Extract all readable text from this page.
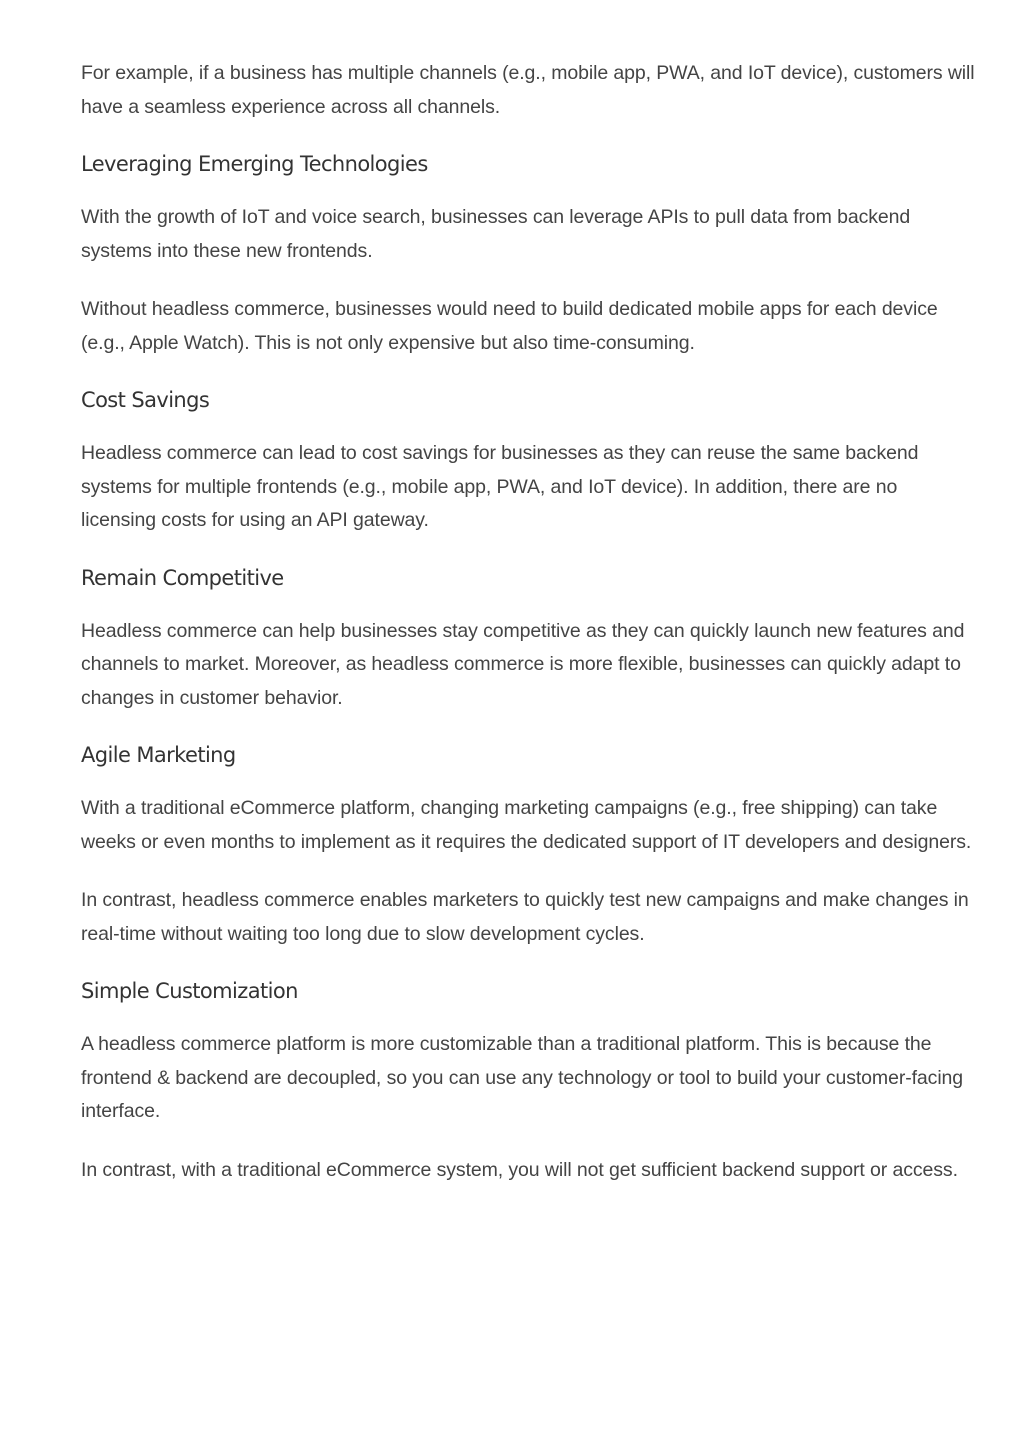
For example, if a business has multiple channels (e.g., mobile app, PWA, and IoT device), customers will have a seamless experience across all channels.

Leveraging Emerging Technologies

With the growth of IoT and voice search, businesses can leverage APIs to pull data from backend systems into these new frontends.

Without headless commerce, businesses would need to build dedicated mobile apps for each device (e.g., Apple Watch). This is not only expensive but also time-consuming.

Cost Savings

Headless commerce can lead to cost savings for businesses as they can reuse the same backend systems for multiple frontends (e.g., mobile app, PWA, and IoT device). In addition, there are no licensing costs for using an API gateway.

Remain Competitive

Headless commerce can help businesses stay competitive as they can quickly launch new features and channels to market. Moreover, as headless commerce is more flexible, businesses can quickly adapt to changes in customer behavior.

Agile Marketing

With a traditional eCommerce platform, changing marketing campaigns (e.g., free shipping) can take weeks or even months to implement as it requires the dedicated support of IT developers and designers.

In contrast, headless commerce enables marketers to quickly test new campaigns and make changes in real-time without waiting too long due to slow development cycles.

Simple Customization

A headless commerce platform is more customizable than a traditional platform. This is because the frontend & backend are decoupled, so you can use any technology or tool to build your customer-facing interface.

In contrast, with a traditional eCommerce system, you will not get sufficient backend support or access.
